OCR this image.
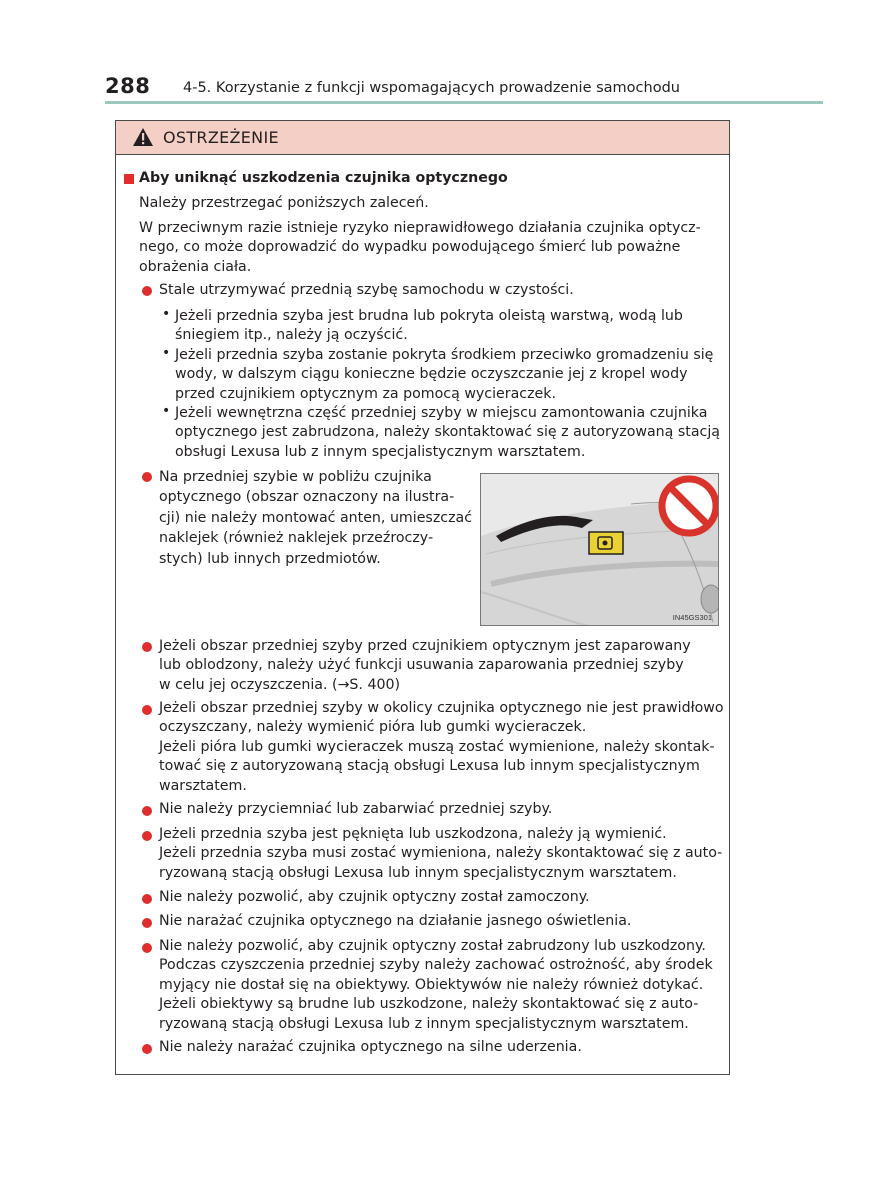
288 4-5. Korzystanie z funkcji wspomagających prowadzenie samochodu
OSTRZEŻENIE
Aby uniknąć uszkodzenia czujnika optycznego
Należy przestrzegać poniższych zaleceń.
W przeciwnym razie istnieje ryzyko nieprawidłowego działania czujnika optycz-
nego, co może doprowadzić do wypadku powodującego śmierć lub poważne
obrażenia ciała.
Stale utrzymywać przednią szybę samochodu w czystości.
• Jeżeli przednia szyba jest brudna lub pokryta oleistą warstwą, wodą lub
śniegiem itp., należy ją oczyścić.
• Jeżeli przednia szyba zostanie pokryta środkiem przeciwko gromadzeniu się
wody, w dalszym ciągu konieczne będzie oczyszczanie jej z kropel wody
przed czujnikiem optycznym za pomocą wycieraczek.
• Jeżeli wewnętrzna część przedniej szyby w miejscu zamontowania czujnika
optycznego jest zabrudzona, należy skontaktować się z autoryzowaną stacją
obsługi Lexusa lub z innym specjalistycznym warsztatem.
Na przedniej szybie w pobliżu czujnika
optycznego (obszar oznaczony na ilustra-
cji) nie należy montować anten, umieszczać
naklejek (również naklejek przeźroczy-
stych) lub innych przedmiotów.
IN45GS301
Jeżeli obszar przedniej szyby przed czujnikiem optycznym jest zaparowany
lub oblodzony, należy użyć funkcji usuwania zaparowania przedniej szyby
w celu jej oczyszczenia. (→S. 400)
Jeżeli obszar przedniej szyby w okolicy czujnika optycznego nie jest prawidłowo
oczyszczany, należy wymienić pióra lub gumki wycieraczek.
Jeżeli pióra lub gumki wycieraczek muszą zostać wymienione, należy skontak-
tować się z autoryzowaną stacją obsługi Lexusa lub innym specjalistycznym
warsztatem.
Nie należy przyciemniać lub zabarwiać przedniej szyby.
Jeżeli przednia szyba jest pęknięta lub uszkodzona, należy ją wymienić.
Jeżeli przednia szyba musi zostać wymieniona, należy skontaktować się z auto-
ryzowaną stacją obsługi Lexusa lub innym specjalistycznym warsztatem.
Nie należy pozwolić, aby czujnik optyczny został zamoczony.
Nie narażać czujnika optycznego na działanie jasnego oświetlenia.
Nie należy pozwolić, aby czujnik optyczny został zabrudzony lub uszkodzony.
Podczas czyszczenia przedniej szyby należy zachować ostrożność, aby środek
myjący nie dostał się na obiektywy. Obiektywów nie należy również dotykać.
Jeżeli obiektywy są brudne lub uszkodzone, należy skontaktować się z auto-
ryzowaną stacją obsługi Lexusa lub z innym specjalistycznym warsztatem.
Nie należy narażać czujnika optycznego na silne uderzenia.
